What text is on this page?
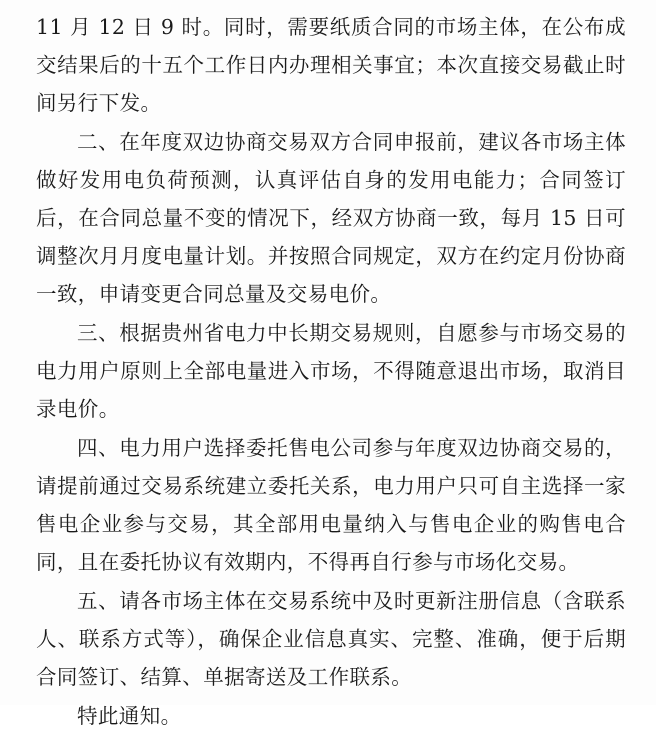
11 月 12 日 9 时。同时，需要纸质合同的市场主体，在公布成交结果后的十五个工作日内办理相关事宜；本次直接交易截止时间另行下发。

二、在年度双边协商交易双方合同申报前，建议各市场主体做好发用电负荷预测，认真评估自身的发用电能力；合同签订后，在合同总量不变的情况下，经双方协商一致，每月 15 日可调整次月月度电量计划。并按照合同规定，双方在约定月份协商一致，申请变更合同总量及交易电价。

三、根据贵州省电力中长期交易规则，自愿参与市场交易的电力用户原则上全部电量进入市场，不得随意退出市场，取消目录电价。

四、电力用户选择委托售电公司参与年度双边协商交易的，请提前通过交易系统建立委托关系，电力用户只可自主选择一家售电企业参与交易，其全部用电量纳入与售电企业的购售电合同，且在委托协议有效期内，不得再自行参与市场化交易。

五、请各市场主体在交易系统中及时更新注册信息（含联系人、联系方式等），确保企业信息真实、完整、准确，便于后期合同签订、结算、单据寄送及工作联系。

特此通知。
